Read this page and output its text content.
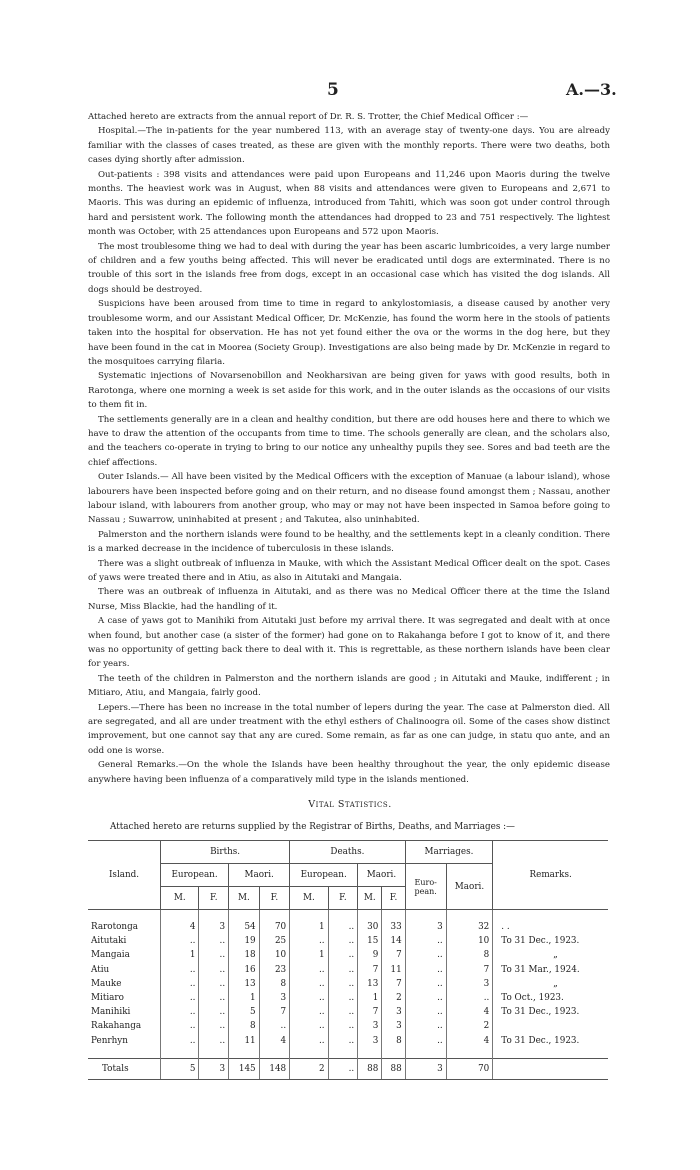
5	A.—3.

Attached hereto are extracts from the annual report of Dr. R. S. Trotter, the Chief Medical Officer :—

Hospital.—The in-patients for the year numbered 113, with an average stay of twenty-one days. You are already familiar with the classes of cases treated, as these are given with the monthly reports. There were two deaths, both cases dying shortly after admission.

Out-patients : 398 visits and attendances were paid upon Europeans and 11,246 upon Maoris during the twelve months. The heaviest work was in August, when 88 visits and attendances were given to Europeans and 2,671 to Maoris. This was during an epidemic of influenza, introduced from Tahiti, which was soon got under control through hard and persistent work. The following month the attendances had dropped to 23 and 751 respectively. The lightest month was October, with 25 attendances upon Europeans and 572 upon Maoris.

The most troublesome thing we had to deal with during the year has been ascaric lumbricoides, a very large number of children and a few youths being affected. This will never be eradicated until dogs are exterminated. There is no trouble of this sort in the islands free from dogs, except in an occasional case which has visited the dog islands. All dogs should be destroyed.

Suspicions have been aroused from time to time in regard to ankylostomiasis, a disease caused by another very troublesome worm, and our Assistant Medical Officer, Dr. McKenzie, has found the worm here in the stools of patients taken into the hospital for observation. He has not yet found either the ova or the worms in the dog here, but they have been found in the cat in Moorea (Society Group). Investigations are also being made by Dr. McKenzie in regard to the mosquitoes carrying filaria.

Systematic injections of Novarsenobillon and Neokharsivan are being given for yaws with good results, both in Rarotonga, where one morning a week is set aside for this work, and in the outer islands as the occasions of our visits to them fit in.

The settlements generally are in a clean and healthy condition, but there are odd houses here and there to which we have to draw the attention of the occupants from time to time. The schools generally are clean, and the scholars also, and the teachers co-operate in trying to bring to our notice any unhealthy pupils they see. Sores and bad teeth are the chief affections.

Outer Islands.— All have been visited by the Medical Officers with the exception of Manuae (a labour island), whose labourers have been inspected before going and on their return, and no disease found amongst them ; Nassau, another labour island, with labourers from another group, who may or may not have been inspected in Samoa before going to Nassau ; Suwarrow, uninhabited at present ; and Takutea, also uninhabited.

Palmerston and the northern islands were found to be healthy, and the settlements kept in a cleanly condition. There is a marked decrease in the incidence of tuberculosis in these islands.

There was a slight outbreak of influenza in Mauke, with which the Assistant Medical Officer dealt on the spot. Cases of yaws were treated there and in Atiu, as also in Aitutaki and Mangaia.

There was an outbreak of influenza in Aitutaki, and as there was no Medical Officer there at the time the Island Nurse, Miss Blackie, had the handling of it.

A case of yaws got to Manihiki from Aitutaki just before my arrival there. It was segregated and dealt with at once when found, but another case (a sister of the former) had gone on to Rakahanga before I got to know of it, and there was no opportunity of getting back there to deal with it. This is regrettable, as these northern islands have been clear for years.

The teeth of the children in Palmerston and the northern islands are good ; in Aitutaki and Mauke, indifferent ; in Mitiaro, Atiu, and Mangaia, fairly good.

Lepers.—There has been no increase in the total number of lepers during the year. The case at Palmerston died. All are segregated, and all are under treatment with the ethyl esthers of Chalinoogra oil. Some of the cases show distinct improvement, but one cannot say that any are cured. Some remain, as far as one can judge, in statu quo ante, and an odd one is worse.

General Remarks.—On the whole the Islands have been healthy throughout the year, the only epidemic disease anywhere having been influenza of a comparatively mild type in the islands mentioned.

Vital Statistics.
Attached hereto are returns supplied by the Registrar of Births, Deaths, and Marriages :—
Island.	Births.				Deaths.				Marriages.		Remarks.
	European.		Maori.		European.		Maori.		Euro-pean.	Maori.	
	M.	F.	M.	F.	M.	F.	M.	F.			

Rarotonga	4	3	54	70	1	..	30	33	3	32	. .
Aitutaki	..	..	19	25	..	..	15	14	..	10	To 31 Dec., 1923.
Mangaia	1	..	18	10	1	..	9	7	..	8	„
Atiu	..	..	16	23	..	..	7	11	..	7	To 31 Mar., 1924.
Mauke	..	..	13	8	..	..	13	7	..	3	„
Mitiaro	..	..	1	3	..	..	1	2	..	..	To Oct., 1923.
Manihiki	..	..	5	7	..	..	7	3	..	4	To 31 Dec., 1923.
Rakahanga	..	..	8	..	..	..	3	3	..	2	
Penrhyn	..	..	11	4	..	..	3	8	..	4	To 31 Dec., 1923.

Totals	5	3	145	148	2	..	88	88	3	70	
